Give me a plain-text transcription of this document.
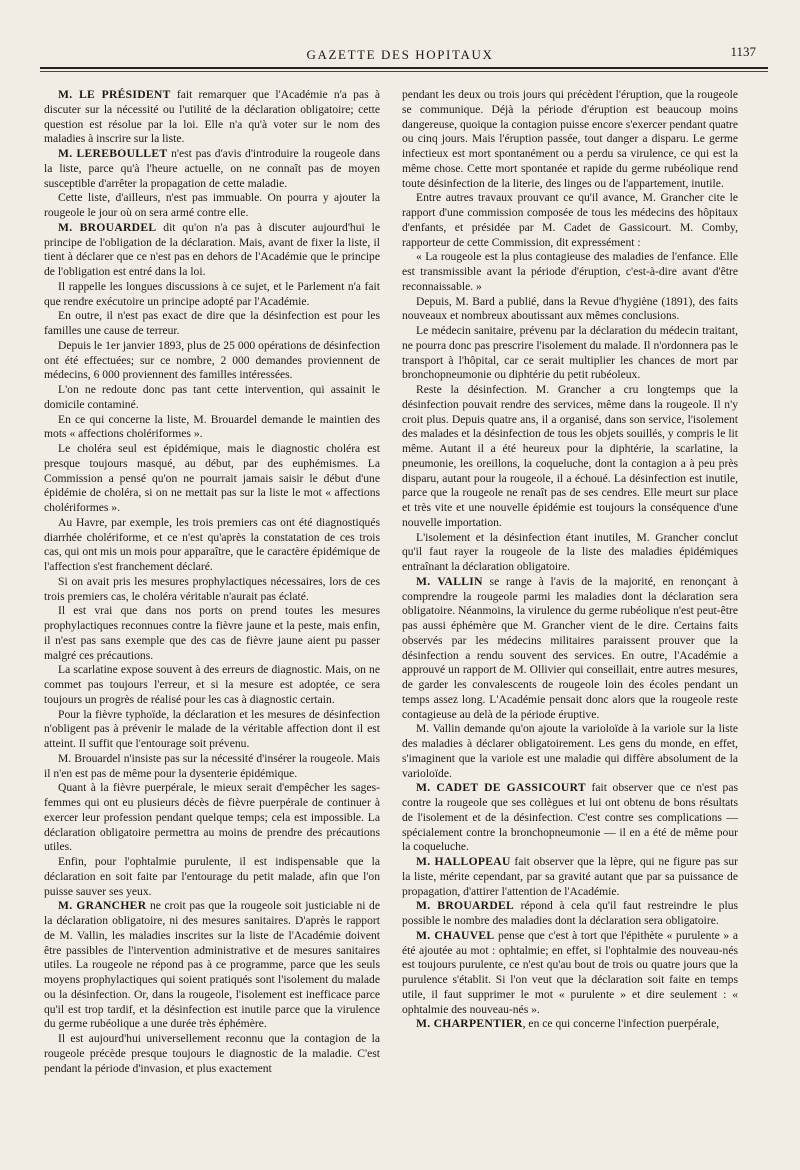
GAZETTE DES HOPITAUX	1137

M. LE PRÉSIDENT fait remarquer que l'Académie n'a pas à discuter sur la nécessité ou l'utilité de la déclaration obligatoire; cette question est résolue par la loi. Elle n'a qu'à voter sur le nom des maladies à inscrire sur la liste.

M. LEREBOULLET n'est pas d'avis d'introduire la rougeole dans la liste, parce qu'à l'heure actuelle, on ne connaît pas de moyen susceptible d'arrêter la propagation de cette maladie.

Cette liste, d'ailleurs, n'est pas immuable. On pourra y ajouter la rougeole le jour où on sera armé contre elle.

M. BROUARDEL dit qu'on n'a pas à discuter aujourd'hui le principe de l'obligation de la déclaration. Mais, avant de fixer la liste, il tient à déclarer que ce n'est pas en dehors de l'Académie que le principe de l'obligation est entré dans la loi.

Il rappelle les longues discussions à ce sujet, et le Parlement n'a fait que rendre exécutoire un principe adopté par l'Académie.

En outre, il n'est pas exact de dire que la désinfection est pour les familles une cause de terreur.

Depuis le 1er janvier 1893, plus de 25 000 opérations de désinfection ont été effectuées; sur ce nombre, 2 000 demandes proviennent de médecins, 6 000 proviennent des familles intéressées.

L'on ne redoute donc pas tant cette intervention, qui assainit le domicile contaminé.

En ce qui concerne la liste, M. Brouardel demande le maintien des mots « affections cholériformes ».

Le choléra seul est épidémique, mais le diagnostic choléra est presque toujours masqué, au début, par des euphémismes. La Commission a pensé qu'on ne pourrait jamais saisir le début d'une épidémie de choléra, si on ne mettait pas sur la liste le mot « affections cholériformes ».

Au Havre, par exemple, les trois premiers cas ont été diagnostiqués diarrhée cholériforme, et ce n'est qu'après la constatation de ces trois cas, qui ont mis un mois pour apparaître, que le caractère épidémique de l'affection s'est franchement déclaré.

Si on avait pris les mesures prophylactiques nécessaires, lors de ces trois premiers cas, le choléra véritable n'aurait pas éclaté.

Il est vrai que dans nos ports on prend toutes les mesures prophylactiques reconnues contre la fièvre jaune et la peste, mais enfin, il n'est pas sans exemple que des cas de fièvre jaune aient pu passer malgré ces précautions.

La scarlatine expose souvent à des erreurs de diagnostic. Mais, on ne commet pas toujours l'erreur, et si la mesure est adoptée, ce sera toujours un progrès de réalisé pour les cas à diagnostic certain.

Pour la fièvre typhoïde, la déclaration et les mesures de désinfection n'obligent pas à prévenir le malade de la véritable affection dont il est atteint. Il suffit que l'entourage soit prévenu.

M. Brouardel n'insiste pas sur la nécessité d'insérer la rougeole. Mais il n'en est pas de même pour la dysenterie épidémique.

Quant à la fièvre puerpérale, le mieux serait d'empêcher les sages-femmes qui ont eu plusieurs décès de fièvre puerpérale de continuer à exercer leur profession pendant quelque temps; cela est impossible. La déclaration obligatoire permettra au moins de prendre des précautions utiles.

Enfin, pour l'ophtalmie purulente, il est indispensable que la déclaration en soit faite par l'entourage du petit malade, afin que l'on puisse sauver ses yeux.

M. GRANCHER ne croit pas que la rougeole soit justiciable ni de la déclaration obligatoire, ni des mesures sanitaires. D'après le rapport de M. Vallin, les maladies inscrites sur la liste de l'Académie doivent être passibles de l'intervention administrative et de mesures sanitaires utiles. La rougeole ne répond pas à ce programme, parce que les seuls moyens prophylactiques qui soient pratiqués sont l'isolement du malade ou la désinfection. Or, dans la rougeole, l'isolement est inefficace parce qu'il est trop tardif, et la désinfection est inutile parce que la virulence du germe rubéolique a une durée très éphémère.

Il est aujourd'hui universellement reconnu que la contagion de la rougeole précède presque toujours le diagnostic de la maladie. C'est pendant la période d'invasion, et plus exactement

pendant les deux ou trois jours qui précèdent l'éruption, que la rougeole se communique. Déjà la période d'éruption est beaucoup moins dangereuse, quoique la contagion puisse encore s'exercer pendant quatre ou cinq jours. Mais l'éruption passée, tout danger a disparu. Le germe infectieux est mort spontanément ou a perdu sa virulence, ce qui est la même chose. Cette mort spontanée et rapide du germe rubéolique rend toute désinfection de la literie, des linges ou de l'appartement, inutile.

Entre autres travaux prouvant ce qu'il avance, M. Grancher cite le rapport d'une commission composée de tous les médecins des hôpitaux d'enfants, et présidée par M. Cadet de Gassicourt. M. Comby, rapporteur de cette Commission, dit expressément :

« La rougeole est la plus contagieuse des maladies de l'enfance. Elle est transmissible avant la période d'éruption, c'est-à-dire avant d'être reconnaissable. »

Depuis, M. Bard a publié, dans la Revue d'hygiène (1891), des faits nouveaux et nombreux aboutissant aux mêmes conclusions.

Le médecin sanitaire, prévenu par la déclaration du médecin traitant, ne pourra donc pas prescrire l'isolement du malade. Il n'ordonnera pas le transport à l'hôpital, car ce serait multiplier les chances de mort par bronchopneumonie ou diphtérie du petit rubéoleux.

Reste la désinfection. M. Grancher a cru longtemps que la désinfection pouvait rendre des services, même dans la rougeole. Il n'y croit plus. Depuis quatre ans, il a organisé, dans son service, l'isolement des malades et la désinfection de tous les objets souillés, y compris le lit même. Autant il a été heureux pour la diphtérie, la scarlatine, la pneumonie, les oreillons, la coqueluche, dont la contagion a à peu près disparu, autant pour la rougeole, il a échoué. La désinfection est inutile, parce que la rougeole ne renaît pas de ses cendres. Elle meurt sur place et très vite et une nouvelle épidémie est toujours la conséquence d'une nouvelle importation.

L'isolement et la désinfection étant inutiles, M. Grancher conclut qu'il faut rayer la rougeole de la liste des maladies épidémiques entraînant la déclaration obligatoire.

M. VALLIN se range à l'avis de la majorité, en renonçant à comprendre la rougeole parmi les maladies dont la déclaration sera obligatoire. Néanmoins, la virulence du germe rubéolique n'est peut-être pas aussi éphémère que M. Grancher vient de le dire. Certains faits observés par les médecins militaires paraissent prouver que la désinfection a rendu souvent des services. En outre, l'Académie a approuvé un rapport de M. Ollivier qui conseillait, entre autres mesures, de garder les convalescents de rougeole loin des écoles pendant un temps assez long. L'Académie pensait donc alors que la rougeole reste contagieuse au delà de la période éruptive.

M. Vallin demande qu'on ajoute la varioloïde à la variole sur la liste des maladies à déclarer obligatoirement. Les gens du monde, en effet, s'imaginent que la variole est une maladie qui diffère absolument de la varioloïde.

M. CADET DE GASSICOURT fait observer que ce n'est pas contre la rougeole que ses collègues et lui ont obtenu de bons résultats de l'isolement et de la désinfection. C'est contre ses complications — spécialement contre la bronchopneumonie — il en a été de même pour la coqueluche.

M. HALLOPEAU fait observer que la lèpre, qui ne figure pas sur la liste, mérite cependant, par sa gravité autant que par sa puissance de propagation, d'attirer l'attention de l'Académie.

M. BROUARDEL répond à cela qu'il faut restreindre le plus possible le nombre des maladies dont la déclaration sera obligatoire.

M. CHAUVEL pense que c'est à tort que l'épithète « purulente » a été ajoutée au mot : ophtalmie; en effet, si l'ophtalmie des nouveau-nés est toujours purulente, ce n'est qu'au bout de trois ou quatre jours que la purulence s'établit. Si l'on veut que la déclaration soit faite en temps utile, il faut supprimer le mot « purulente » et dire seulement : « ophtalmie des nouveau-nés ».

M. CHARPENTIER, en ce qui concerne l'infection puerpérale,
